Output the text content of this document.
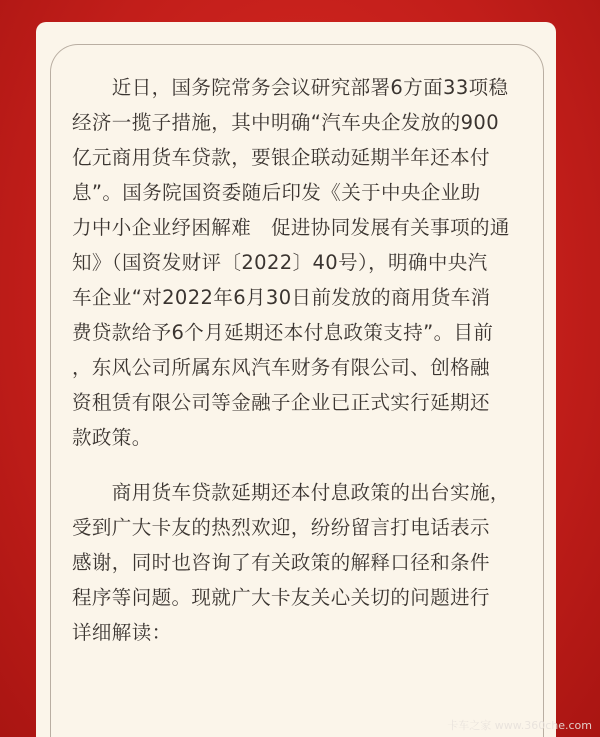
　　近日，国务院常务会议研究部署6方面33项稳
经济一揽子措施，其中明确“汽车央企发放的900
亿元商用货车贷款，要银企联动延期半年还本付
息”。国务院国资委随后印发《关于中央企业助
力中小企业纾困解难　促进协同发展有关事项的通
知》（国资发财评〔2022〕40号），明确中央汽
车企业“对2022年6月30日前发放的商用货车消
费贷款给予6个月延期还本付息政策支持”。目前
，东风公司所属东风汽车财务有限公司、创格融
资租赁有限公司等金融子企业已正式实行延期还
款政策。

　　商用货车贷款延期还本付息政策的出台实施，
受到广大卡友的热烈欢迎，纷纷留言打电话表示
感谢，同时也咨询了有关政策的解释口径和条件
程序等问题。现就广大卡友关心关切的问题进行
详细解读：

卡车之家 www.360che.com
